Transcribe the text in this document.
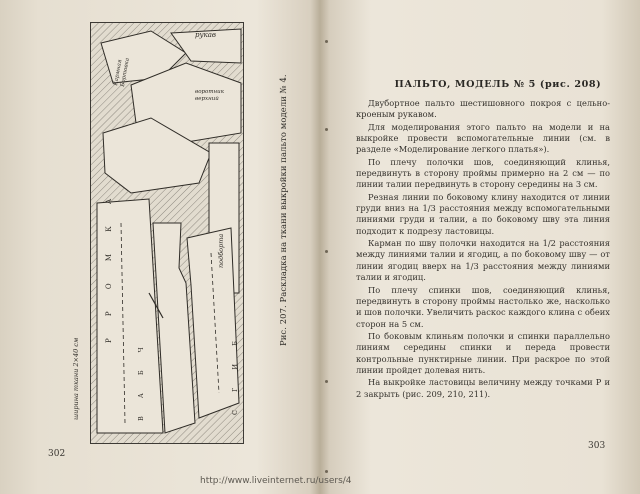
рукав
Кармная Бортовка
воротник верхний
подборта
Р Р О М К А
С Г И Б
В А Б Ч
ширина ткани 2×40 см
Рис. 207. Раскладка на ткани выкройки пальто модели № 4.
302
ПАЛЬТО, МОДЕЛЬ № 5 (рис. 208)

Двубортное пальто шестишовного покроя с цельно-кроеным рукавом.

Для моделирования этого пальто на модели и на выкройке провести вспомогательные линии (см. в разделе «Моделирование легкого платья»).

По плечу полочки шов, соединяющий клинья, передвинуть в сторону проймы примерно на 2 см — по линии талии передвинуть в сторону середины на 3 см.

Резная линии по боковому клину находится от линии груди вниз на 1/3 расстояния между вспомогательными линиями груди и талии, а по боковому шву эта линия подходит к подрезу ластовицы.

Карман по шву полочки находится на 1/2 расстояния между линиями талии и ягодиц, а по боковому шву — от линии ягодиц вверх на 1/3 расстояния между линиями талии и ягодиц.

По плечу спинки шов, соединяющий клинья, передвинуть в сторону проймы настолько же, насколько и шов полочки. Увеличить раскос каждого клина с обеих сторон на 5 см.

По боковым клиньям полочки и спинки параллельно линиям середины спинки и переда провести контрольные пунктирные линии. При раскрое по этой линии пройдет долевая нить.

На выкройке ластовицы величину между точками P и 2 закрыть (рис. 209, 210, 211).

303
http://www.liveinternet.ru/users/4
